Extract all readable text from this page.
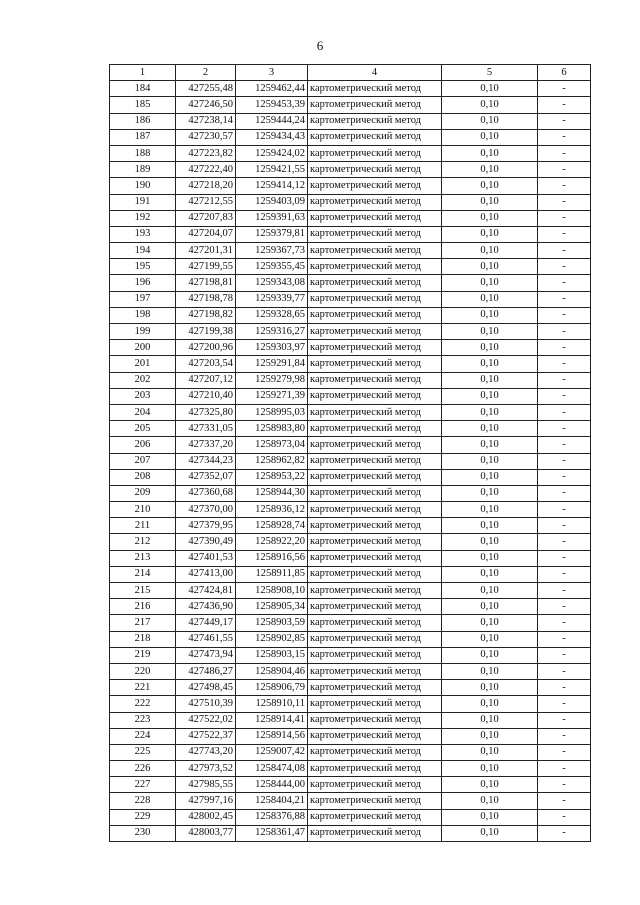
6
1	2	3	4	5	6
184	427255,48	1259462,44	картометрический метод	0,10	-
185	427246,50	1259453,39	картометрический метод	0,10	-
186	427238,14	1259444,24	картометрический метод	0,10	-
187	427230,57	1259434,43	картометрический метод	0,10	-
188	427223,82	1259424,02	картометрический метод	0,10	-
189	427222,40	1259421,55	картометрический метод	0,10	-
190	427218,20	1259414,12	картометрический метод	0,10	-
191	427212,55	1259403,09	картометрический метод	0,10	-
192	427207,83	1259391,63	картометрический метод	0,10	-
193	427204,07	1259379,81	картометрический метод	0,10	-
194	427201,31	1259367,73	картометрический метод	0,10	-
195	427199,55	1259355,45	картометрический метод	0,10	-
196	427198,81	1259343,08	картометрический метод	0,10	-
197	427198,78	1259339,77	картометрический метод	0,10	-
198	427198,82	1259328,65	картометрический метод	0,10	-
199	427199,38	1259316,27	картометрический метод	0,10	-
200	427200,96	1259303,97	картометрический метод	0,10	-
201	427203,54	1259291,84	картометрический метод	0,10	-
202	427207,12	1259279,98	картометрический метод	0,10	-
203	427210,40	1259271,39	картометрический метод	0,10	-
204	427325,80	1258995,03	картометрический метод	0,10	-
205	427331,05	1258983,80	картометрический метод	0,10	-
206	427337,20	1258973,04	картометрический метод	0,10	-
207	427344,23	1258962,82	картометрический метод	0,10	-
208	427352,07	1258953,22	картометрический метод	0,10	-
209	427360,68	1258944,30	картометрический метод	0,10	-
210	427370,00	1258936,12	картометрический метод	0,10	-
211	427379,95	1258928,74	картометрический метод	0,10	-
212	427390,49	1258922,20	картометрический метод	0,10	-
213	427401,53	1258916,56	картометрический метод	0,10	-
214	427413,00	1258911,85	картометрический метод	0,10	-
215	427424,81	1258908,10	картометрический метод	0,10	-
216	427436,90	1258905,34	картометрический метод	0,10	-
217	427449,17	1258903,59	картометрический метод	0,10	-
218	427461,55	1258902,85	картометрический метод	0,10	-
219	427473,94	1258903,15	картометрический метод	0,10	-
220	427486,27	1258904,46	картометрический метод	0,10	-
221	427498,45	1258906,79	картометрический метод	0,10	-
222	427510,39	1258910,11	картометрический метод	0,10	-
223	427522,02	1258914,41	картометрический метод	0,10	-
224	427522,37	1258914,56	картометрический метод	0,10	-
225	427743,20	1259007,42	картометрический метод	0,10	-
226	427973,52	1258474,08	картометрический метод	0,10	-
227	427985,55	1258444,00	картометрический метод	0,10	-
228	427997,16	1258404,21	картометрический метод	0,10	-
229	428002,45	1258376,88	картометрический метод	0,10	-
230	428003,77	1258361,47	картометрический метод	0,10	-
